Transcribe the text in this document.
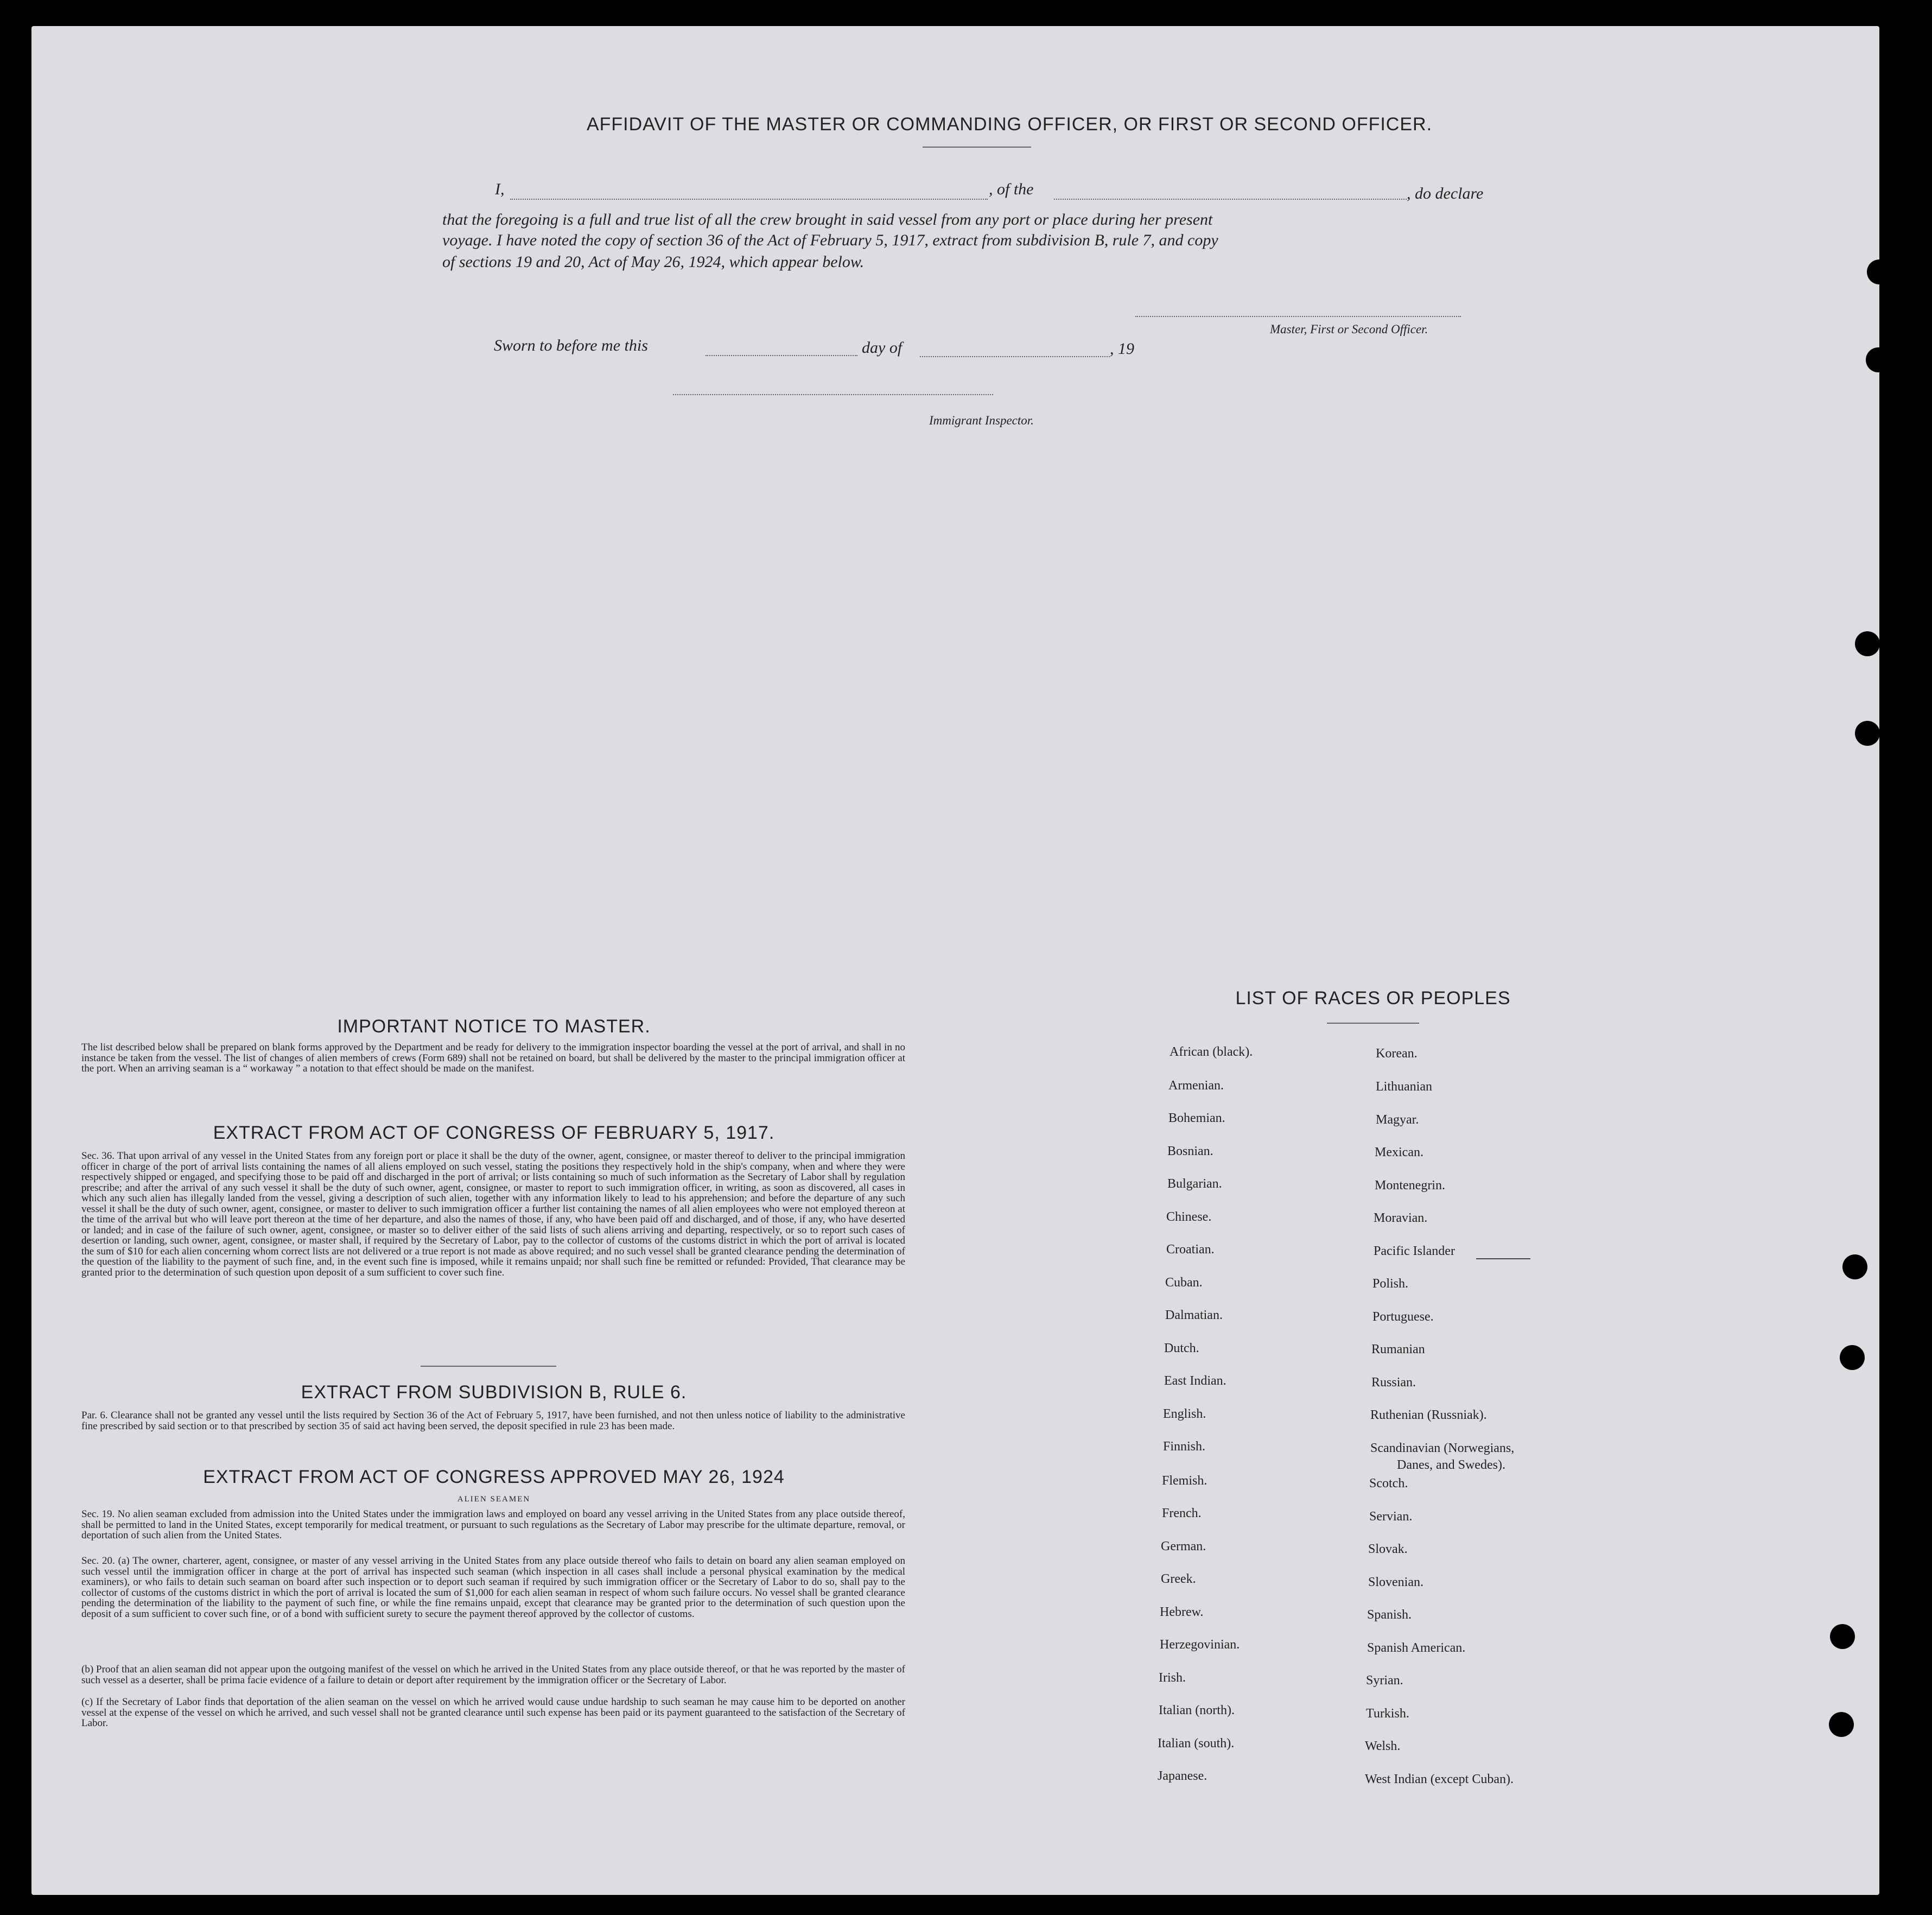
AFFIDAVIT OF THE MASTER OR COMMANDING OFFICER, OR FIRST OR SECOND OFFICER.
I,	, of the	, do declare
that the foregoing is a full and true list of all the crew brought in said vessel from any port or place during her present
voyage. I have noted the copy of section 36 of the Act of February 5, 1917, extract from subdivision B, rule 7, and copy
of sections 19 and 20, Act of May 26, 1924, which appear below.
Master, First or Second Officer.
Sworn to before me this	day of	, 19
Immigrant Inspector.
IMPORTANT NOTICE TO MASTER.
The list described below shall be prepared on blank forms approved by the Department and be ready for delivery to the immigration inspector boarding the vessel at the port of arrival, and shall in no instance be taken from the vessel. The list of changes of alien members of crews (Form 689) shall not be retained on board, but shall be delivered by the master to the principal immigration officer at the port. When an arriving seaman is a “ workaway ” a notation to that effect should be made on the manifest.
EXTRACT FROM ACT OF CONGRESS OF FEBRUARY 5, 1917.
Sec. 36. That upon arrival of any vessel in the United States from any foreign port or place it shall be the duty of the owner, agent, consignee, or master thereof to deliver to the principal immigration officer in charge of the port of arrival lists containing the names of all aliens employed on such vessel, stating the positions they respectively hold in the ship's company, when and where they were respectively shipped or engaged, and specifying those to be paid off and discharged in the port of arrival; or lists containing so much of such information as the Secretary of Labor shall by regulation prescribe; and after the arrival of any such vessel it shall be the duty of such owner, agent, consignee, or master to report to such immigration officer, in writing, as soon as discovered, all cases in which any such alien has illegally landed from the vessel, giving a description of such alien, together with any information likely to lead to his apprehension; and before the departure of any such vessel it shall be the duty of such owner, agent, consignee, or master to deliver to such immigration officer a further list containing the names of all alien employees who were not employed thereon at the time of the arrival but who will leave port thereon at the time of her departure, and also the names of those, if any, who have been paid off and discharged, and of those, if any, who have deserted or landed; and in case of the failure of such owner, agent, consignee, or master so to deliver either of the said lists of such aliens arriving and departing, respectively, or so to report such cases of desertion or landing, such owner, agent, consignee, or master shall, if required by the Secretary of Labor, pay to the collector of customs of the customs district in which the port of arrival is located the sum of $10 for each alien concerning whom correct lists are not delivered or a true report is not made as above required; and no such vessel shall be granted clearance pending the determination of the question of the liability to the payment of such fine, and, in the event such fine is imposed, while it remains unpaid; nor shall such fine be remitted or refunded: Provided, That clearance may be granted prior to the determination of such question upon deposit of a sum sufficient to cover such fine.
EXTRACT FROM SUBDIVISION B, RULE 6.
Par. 6. Clearance shall not be granted any vessel until the lists required by Section 36 of the Act of February 5, 1917, have been furnished, and not then unless notice of liability to the administrative fine prescribed by said section or to that prescribed by section 35 of said act having been served, the deposit specified in rule 23 has been made.
EXTRACT FROM ACT OF CONGRESS APPROVED MAY 26, 1924
ALIEN SEAMEN
Sec. 19. No alien seaman excluded from admission into the United States under the immigration laws and employed on board any vessel arriving in the United States from any place outside thereof, shall be permitted to land in the United States, except temporarily for medical treatment, or pursuant to such regulations as the Secretary of Labor may prescribe for the ultimate departure, removal, or deportation of such alien from the United States.
Sec. 20. (a) The owner, charterer, agent, consignee, or master of any vessel arriving in the United States from any place outside thereof who fails to detain on board any alien seaman employed on such vessel until the immigration officer in charge at the port of arrival has inspected such seaman (which inspection in all cases shall include a personal physical examination by the medical examiners), or who fails to detain such seaman on board after such inspection or to deport such seaman if required by such immigration officer or the Secretary of Labor to do so, shall pay to the collector of customs of the customs district in which the port of arrival is located the sum of $1,000 for each alien seaman in respect of whom such failure occurs. No vessel shall be granted clearance pending the determination of the liability to the payment of such fine, or while the fine remains unpaid, except that clearance may be granted prior to the determination of such question upon the deposit of a sum sufficient to cover such fine, or of a bond with sufficient surety to secure the payment thereof approved by the collector of customs.
(b) Proof that an alien seaman did not appear upon the outgoing manifest of the vessel on which he arrived in the United States from any place outside thereof, or that he was reported by the master of such vessel as a deserter, shall be prima facie evidence of a failure to detain or deport after requirement by the immigration officer or the Secretary of Labor.
(c) If the Secretary of Labor finds that deportation of the alien seaman on the vessel on which he arrived would cause undue hardship to such seaman he may cause him to be deported on another vessel at the expense of the vessel on which he arrived, and such vessel shall not be granted clearance until such expense has been paid or its payment guaranteed to the satisfaction of the Secretary of Labor.
LIST OF RACES OR PEOPLES
African (black).
Armenian.
Bohemian.
Bosnian.
Bulgarian.
Chinese.
Croatian.
Cuban.
Dalmatian.
Dutch.
East Indian.
English.
Finnish.
Flemish.
French.
German.
Greek.
Hebrew.
Herzegovinian.
Irish.
Italian (north).
Italian (south).
Japanese.
Korean.
Lithuanian
Magyar.
Mexican.
Montenegrin.
Moravian.
Pacific Islander
Polish.
Portuguese.
Rumanian
Russian.
Ruthenian (Russniak).
Scandinavian (Norwegians,
Scotch.
Servian.
Slovak.
Slovenian.
Spanish.
Spanish American.
Syrian.
Turkish.
Welsh.
West Indian (except Cuban).
Danes, and Swedes).
